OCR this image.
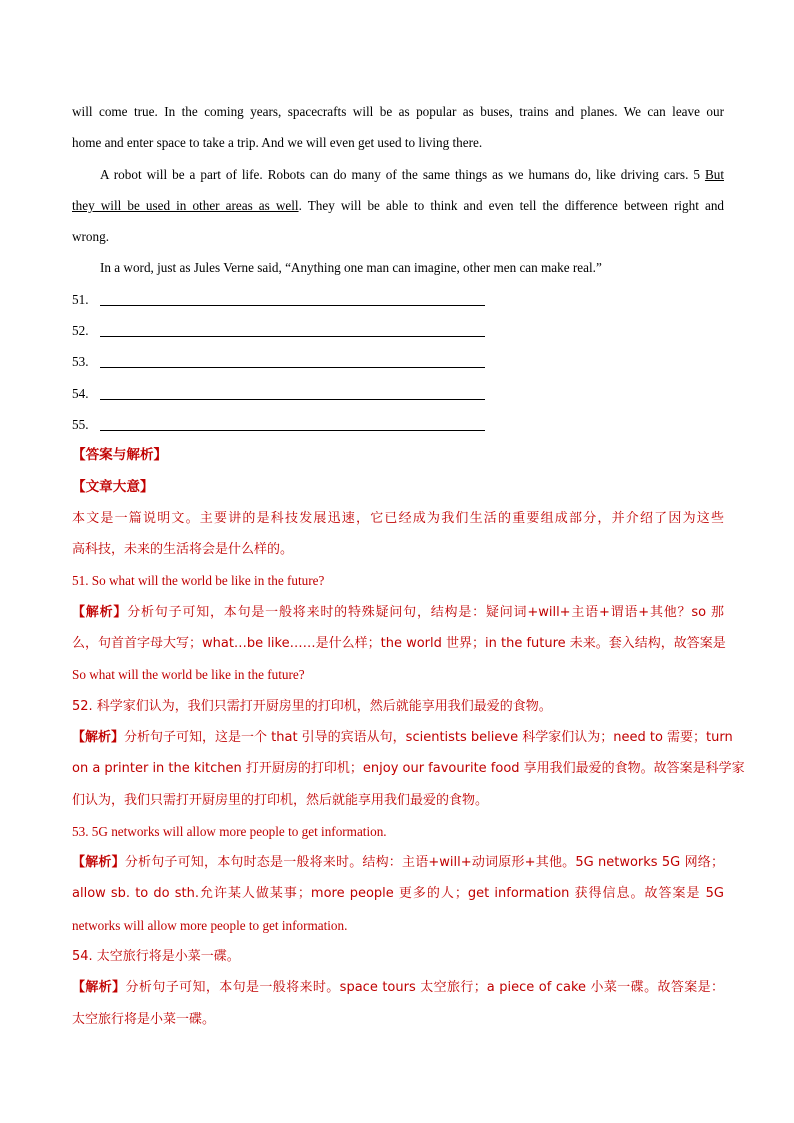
will come true. In the coming years, spacecrafts will be as popular as buses, trains and planes. We can leave our
home and enter space to take a trip. And we will even get used to living there.
A robot will be a part of life. Robots can do many of the same things as we humans do, like driving cars. 5 But
they will be used in other areas as well. They will be able to think and even tell the difference between right and
wrong.
In a word, just as Jules Verne said, “Anything one man can imagine, other men can make real.”
51.
52.
53.
54.
55.
【答案与解析】
【文章大意】
本文是一篇说明文。主要讲的是科技发展迅速，它已经成为我们生活的重要组成部分，并介绍了因为这些
高科技，未来的生活将会是什么样的。
51. So what will the world be like in the future?
【解析】分析句子可知，本句是一般将来时的特殊疑问句，结构是：疑问词+will+主语+谓语+其他？so 那
么，句首首字母大写；what…be like……是什么样；the world 世界；in the future 未来。套入结构，故答案是
So what will the world be like in the future?
52. 科学家们认为，我们只需打开厨房里的打印机，然后就能享用我们最爱的食物。
【解析】分析句子可知，这是一个 that 引导的宾语从句，scientists believe 科学家们认为；need to 需要；turn
on a printer in the kitchen 打开厨房的打印机；enjoy our favourite food 享用我们最爱的食物。故答案是科学家
们认为，我们只需打开厨房里的打印机，然后就能享用我们最爱的食物。
53. 5G networks will allow more people to get information.
【解析】分析句子可知，本句时态是一般将来时。结构：主语+will+动词原形+其他。5G networks 5G 网络；
allow sb. to do sth.允许某人做某事；more people 更多的人；get information 获得信息。故答案是 5G
networks will allow more people to get information.
54. 太空旅行将是小菜一碟。
【解析】分析句子可知，本句是一般将来时。space tours 太空旅行；a piece of cake 小菜一碟。故答案是：
太空旅行将是小菜一碟。
